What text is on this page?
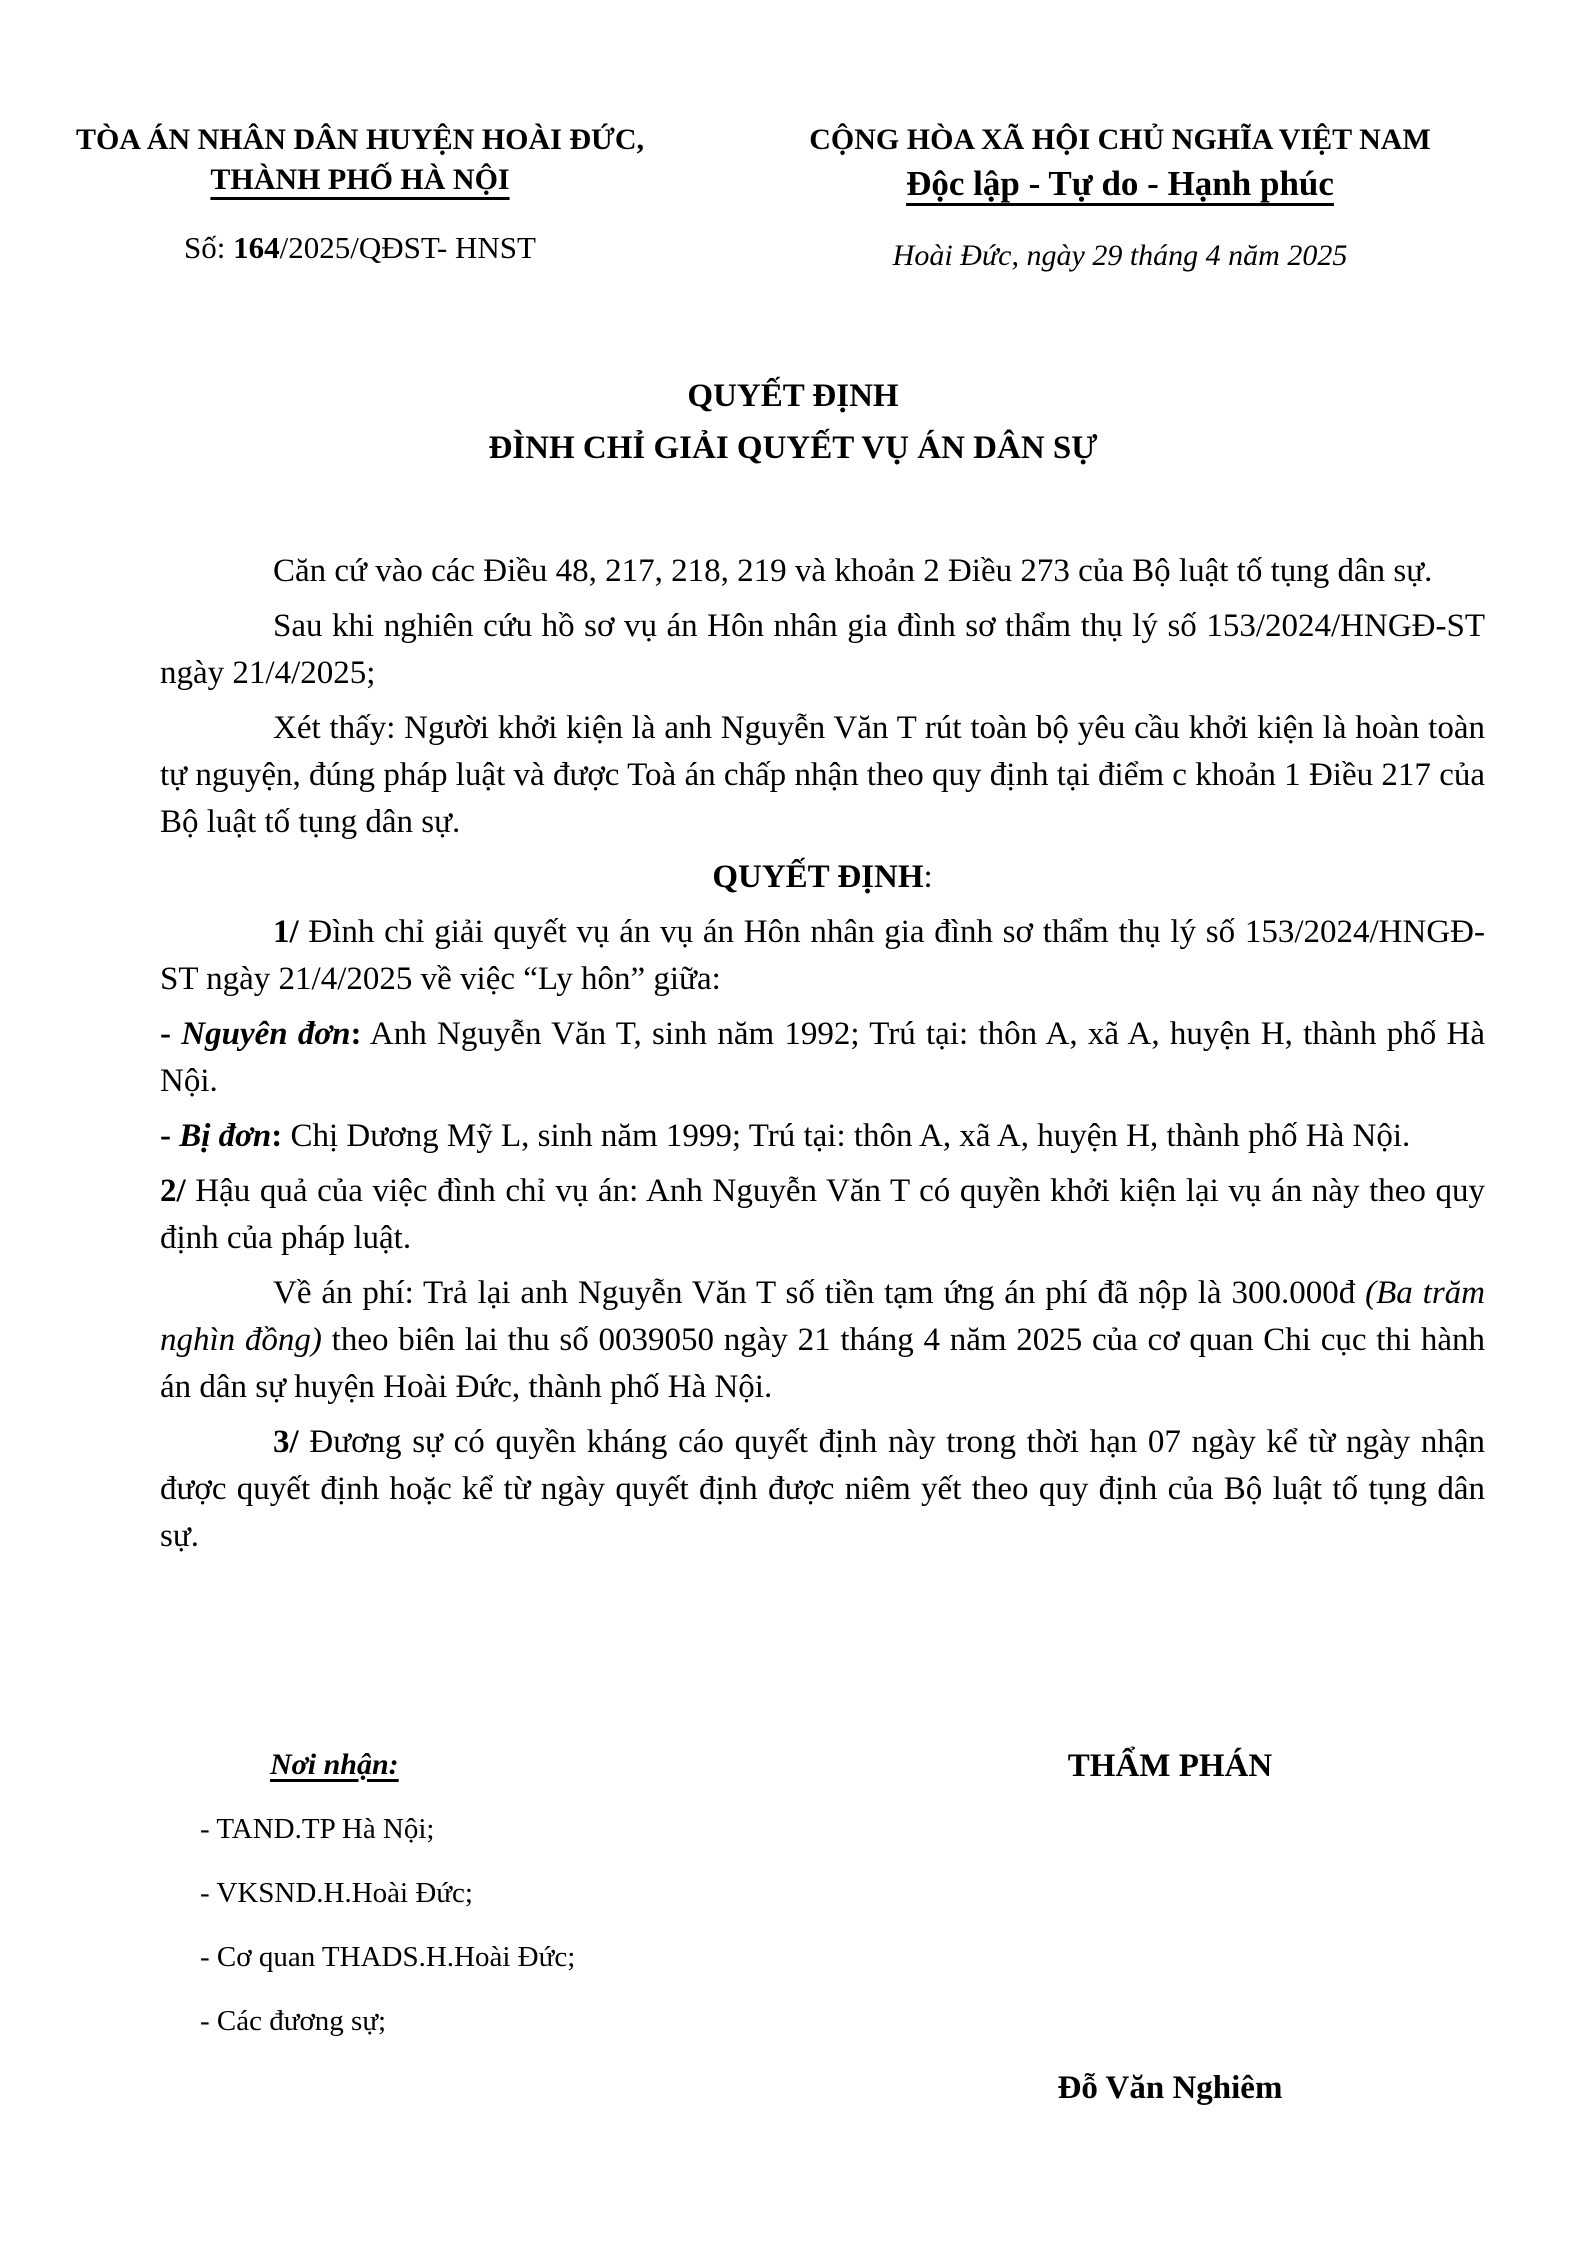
TÒA ÁN NHÂN DÂN HUYỆN HOÀI ĐỨC,
THÀNH PHỐ HÀ NỘI
Số: 164/2025/QĐST- HNST
CỘNG HÒA XÃ HỘI CHỦ NGHĨA VIỆT NAM
Độc lập - Tự do - Hạnh phúc
Hoài Đức, ngày 29 tháng 4 năm 2025
QUYẾT ĐỊNH
ĐÌNH CHỈ GIẢI QUYẾT VỤ ÁN DÂN SỰ

Căn cứ vào các Điều 48, 217, 218, 219 và khoản 2 Điều 273 của Bộ luật tố tụng dân sự.

Sau khi nghiên cứu hồ sơ vụ án Hôn nhân gia đình sơ thẩm thụ lý số 153/2024/HNGĐ-ST ngày 21/4/2025;

Xét thấy: Người khởi kiện là anh Nguyễn Văn T rút toàn bộ yêu cầu khởi kiện là hoàn toàn tự nguyện, đúng pháp luật và được Toà án chấp nhận theo quy định tại điểm c khoản 1 Điều 217 của Bộ luật tố tụng dân sự.

QUYẾT ĐỊNH:

1/ Đình chỉ giải quyết vụ án vụ án Hôn nhân gia đình sơ thẩm thụ lý số 153/2024/HNGĐ-ST ngày 21/4/2025 về việc “Ly hôn” giữa:

- Nguyên đơn: Anh Nguyễn Văn T, sinh năm 1992; Trú tại: thôn A, xã A, huyện H, thành phố Hà Nội.

- Bị đơn: Chị Dương Mỹ L, sinh năm 1999; Trú tại: thôn A, xã A, huyện H, thành phố Hà Nội.

2/ Hậu quả của việc đình chỉ vụ án: Anh Nguyễn Văn T có quyền khởi kiện lại vụ án này theo quy định của pháp luật.

Về án phí: Trả lại anh Nguyễn Văn T số tiền tạm ứng án phí đã nộp là 300.000đ (Ba trăm nghìn đồng) theo biên lai thu số 0039050 ngày 21 tháng 4 năm 2025 của cơ quan Chi cục thi hành án dân sự huyện Hoài Đức, thành phố Hà Nội.

3/ Đương sự có quyền kháng cáo quyết định này trong thời hạn 07 ngày kể từ ngày nhận được quyết định hoặc kể từ ngày quyết định được niêm yết theo quy định của Bộ luật tố tụng dân sự.

Nơi nhận:
- TAND.TP Hà Nội;
- VKSND.H.Hoài Đức;
- Cơ quan THADS.H.Hoài Đức;
- Các đương sự;
THẨM PHÁN
Đỗ Văn Nghiêm
